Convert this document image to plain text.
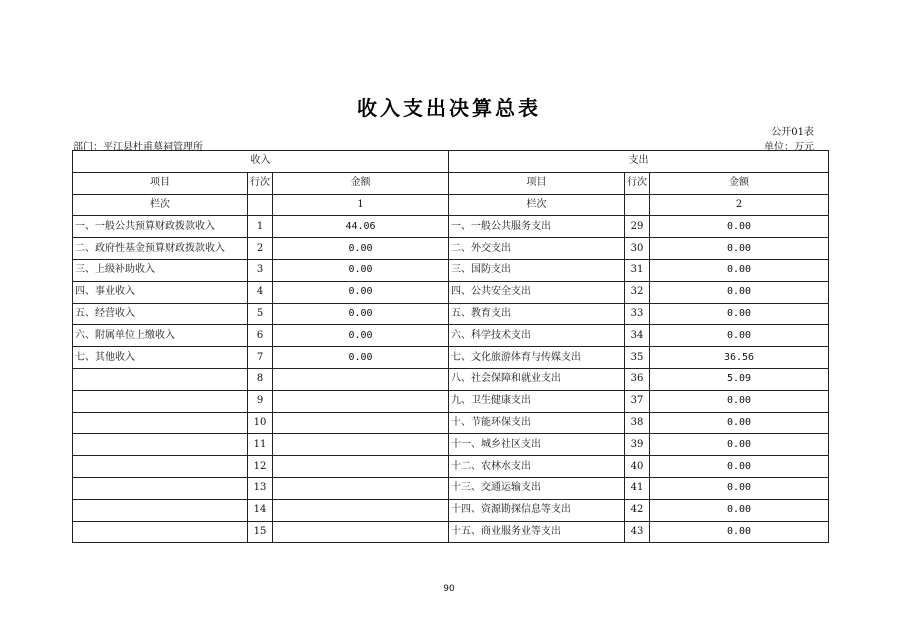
收入支出决算总表
公开01表
部门：平江县杜甫墓祠管理所	单位：万元
收入			支出		
项目	行次	金额	项目	行次	金额
栏次		1	栏次		2
一、一般公共预算财政拨款收入	1	44.06	一、一般公共服务支出	29	0.00
二、政府性基金预算财政拨款收入	2	0.00	二、外交支出	30	0.00
三、上级补助收入	3	0.00	三、国防支出	31	0.00
四、事业收入	4	0.00	四、公共安全支出	32	0.00
五、经营收入	5	0.00	五、教育支出	33	0.00
六、附属单位上缴收入	6	0.00	六、科学技术支出	34	0.00
七、其他收入	7	0.00	七、文化旅游体育与传媒支出	35	36.56
	8		八、社会保障和就业支出	36	5.09
	9		九、卫生健康支出	37	0.00
	10		十、节能环保支出	38	0.00
	11		十一、城乡社区支出	39	0.00
	12		十二、农林水支出	40	0.00
	13		十三、交通运输支出	41	0.00
	14		十四、资源勘探信息等支出	42	0.00
	15		十五、商业服务业等支出	43	0.00
90
